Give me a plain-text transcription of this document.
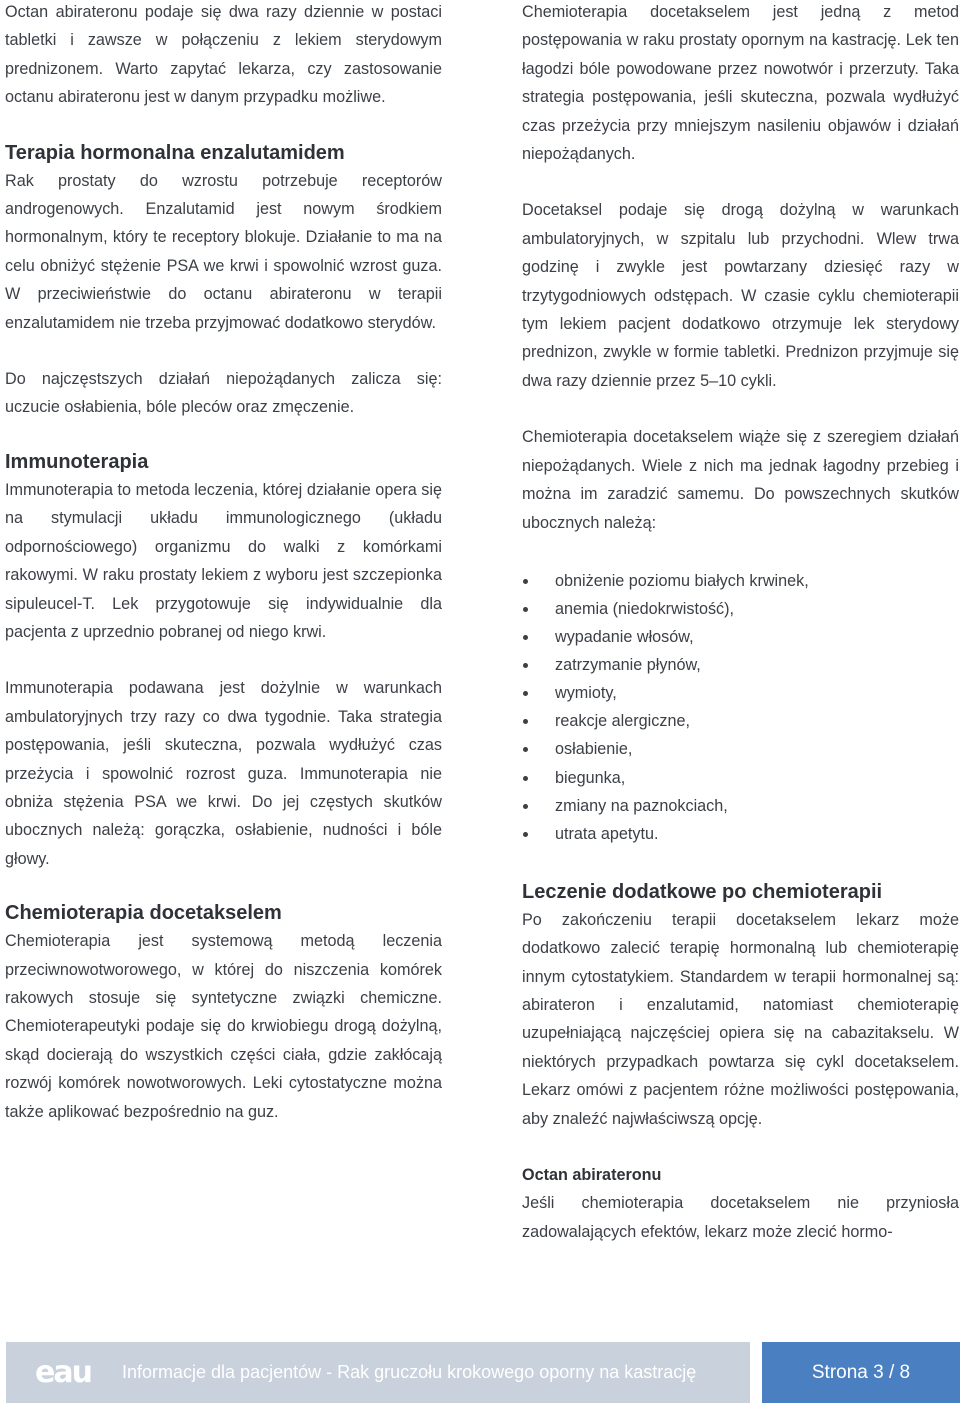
Octan abirateronu podaje się dwa razy dziennie w postaci tabletki i zawsze w połączeniu z lekiem sterydowym prednizonem. Warto zapytać lekarza, czy zastosowanie octanu abirateronu jest w danym przypadku możliwe.

Terapia hormonalna enzalutamidem

Rak prostaty do wzrostu potrzebuje receptorów androgenowych. Enzalutamid jest nowym środkiem hormonalnym, który te receptory blokuje. Działanie to ma na celu obniżyć stężenie PSA we krwi i spowolnić wzrost guza. W przeciwieństwie do octanu abirateronu w terapii enzalutamidem nie trzeba przyjmować dodatkowo sterydów.

Do najczęstszych działań niepożądanych zalicza się: uczucie osłabienia, bóle pleców oraz zmęczenie.

Immunoterapia

Immunoterapia to metoda leczenia, której działanie opera się na stymulacji układu immunologicznego (układu odpornościowego) organizmu do walki z komórkami rakowymi. W raku prostaty lekiem z wyboru jest szczepionka sipuleucel-T. Lek przygotowuje się indywidualnie dla pacjenta z uprzednio pobranej od niego krwi.

Immunoterapia podawana jest dożylnie w warunkach ambulatoryjnych trzy razy co dwa tygodnie. Taka strategia postępowania, jeśli skuteczna, pozwala wydłużyć czas przeżycia i spowolnić rozrost guza. Immunoterapia nie obniża stężenia PSA we krwi. Do jej częstych skutków ubocznych należą: gorączka, osłabienie, nudności i bóle głowy.

Chemioterapia docetakselem

Chemioterapia jest systemową metodą leczenia przeciwnowotworowego, w której do niszczenia komórek rakowych stosuje się syntetyczne związki chemiczne. Chemioterapeutyki podaje się do krwiobiegu drogą dożylną, skąd docierają do wszystkich części ciała, gdzie zakłócają rozwój komórek nowotworowych. Leki cytostatyczne można także aplikować bezpośrednio na guz.

Chemioterapia docetakselem jest jedną z metod postępowania w raku prostaty opornym na kastrację. Lek ten łagodzi bóle powodowane przez nowotwór i przerzuty. Taka strategia postępowania, jeśli skuteczna, pozwala wydłużyć czas przeżycia przy mniejszym nasileniu objawów i działań niepożądanych.

Docetaksel podaje się drogą dożylną w warunkach ambulatoryjnych, w szpitalu lub przychodni. Wlew trwa godzinę i zwykle jest powtarzany dziesięć razy w trzytygodniowych odstępach. W czasie cyklu chemioterapii tym lekiem pacjent dodatkowo otrzymuje lek sterydowy prednizon, zwykle w formie tabletki. Prednizon przyjmuje się dwa razy dziennie przez 5–10 cykli.

Chemioterapia docetakselem wiąże się z szeregiem działań niepożądanych. Wiele z nich ma jednak łagodny przebieg i można im zaradzić samemu. Do powszechnych skutków ubocznych należą:

obniżenie poziomu białych krwinek,
anemia (niedokrwistość),
wypadanie włosów,
zatrzymanie płynów,
wymioty,
reakcje alergiczne,
osłabienie,
biegunka,
zmiany na paznokciach,
utrata apetytu.
Leczenie dodatkowe po chemioterapii

Po zakończeniu terapii docetakselem lekarz może dodatkowo zalecić terapię hormonalną lub chemioterapię innym cytostatykiem. Standardem w terapii hormonalnej są: abirateron i enzalutamid, natomiast chemioterapię uzupełniającą najczęściej opiera się na cabazitakselu. W niektórych przypadkach powtarza się cykl docetakselem. Lekarz omówi z pacjentem różne możliwości postępowania, aby znaleźć najwłaściwszą opcję.

Octan abirateronu

Jeśli chemioterapia docetakselem nie przyniosła zadowalających efektów, lekarz może zlecić hormo-

eau	Informacje dla pacjentów - Rak gruczołu krokowego oporny na kastrację	Strona 3 / 8
